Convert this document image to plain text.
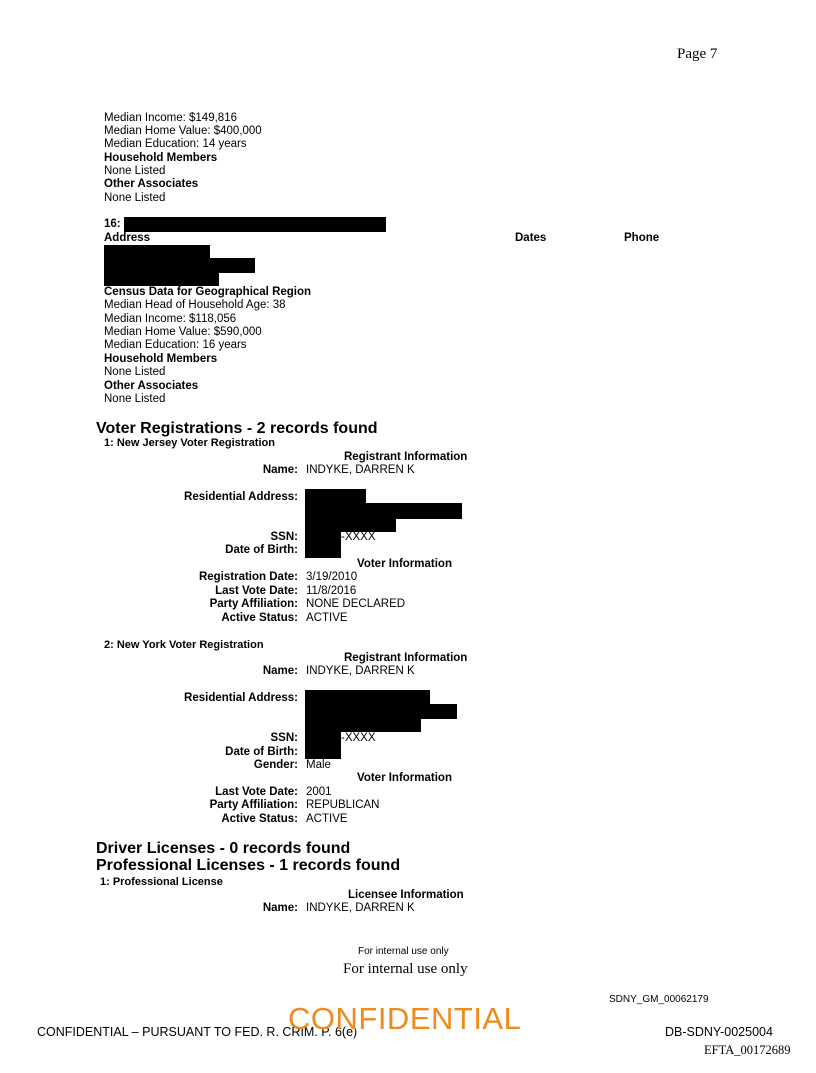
Page 7
Median Income: $149,816
Median Home Value: $400,000
Median Education: 14 years
Household Members
None Listed
Other Associates
None Listed
16:
Address	Dates	Phone
Census Data for Geographical Region
Median Head of Household Age: 38
Median Income: $118,056
Median Home Value: $590,000
Median Education: 16 years
Household Members
None Listed
Other Associates
None Listed
Voter Registrations - 2 records found
1: New Jersey Voter Registration
Registrant Information
Name: INDYKE, DARREN K
Residential Address:
SSN:	-XXXX
Date of Birth:
Voter Information
Registration Date: 3/19/2010
Last Vote Date: 11/8/2016
Party Affiliation: NONE DECLARED
Active Status: ACTIVE
2: New York Voter Registration
Registrant Information
Name: INDYKE, DARREN K
Residential Address:
SSN:	-XXXX
Date of Birth:
Gender: Male
Voter Information
Last Vote Date: 2001
Party Affiliation: REPUBLICAN
Active Status: ACTIVE
Driver Licenses - 0 records found
Professional Licenses - 1 records found
1: Professional License
Licensee Information
Name: INDYKE, DARREN K
For internal use only
For internal use only
SDNY_GM_00062179
CONFIDENTIAL – PURSUANT TO FED. R. CRIM. P. 6(e)
CONFIDENTIAL	DB-SDNY-0025004
EFTA_00172689
